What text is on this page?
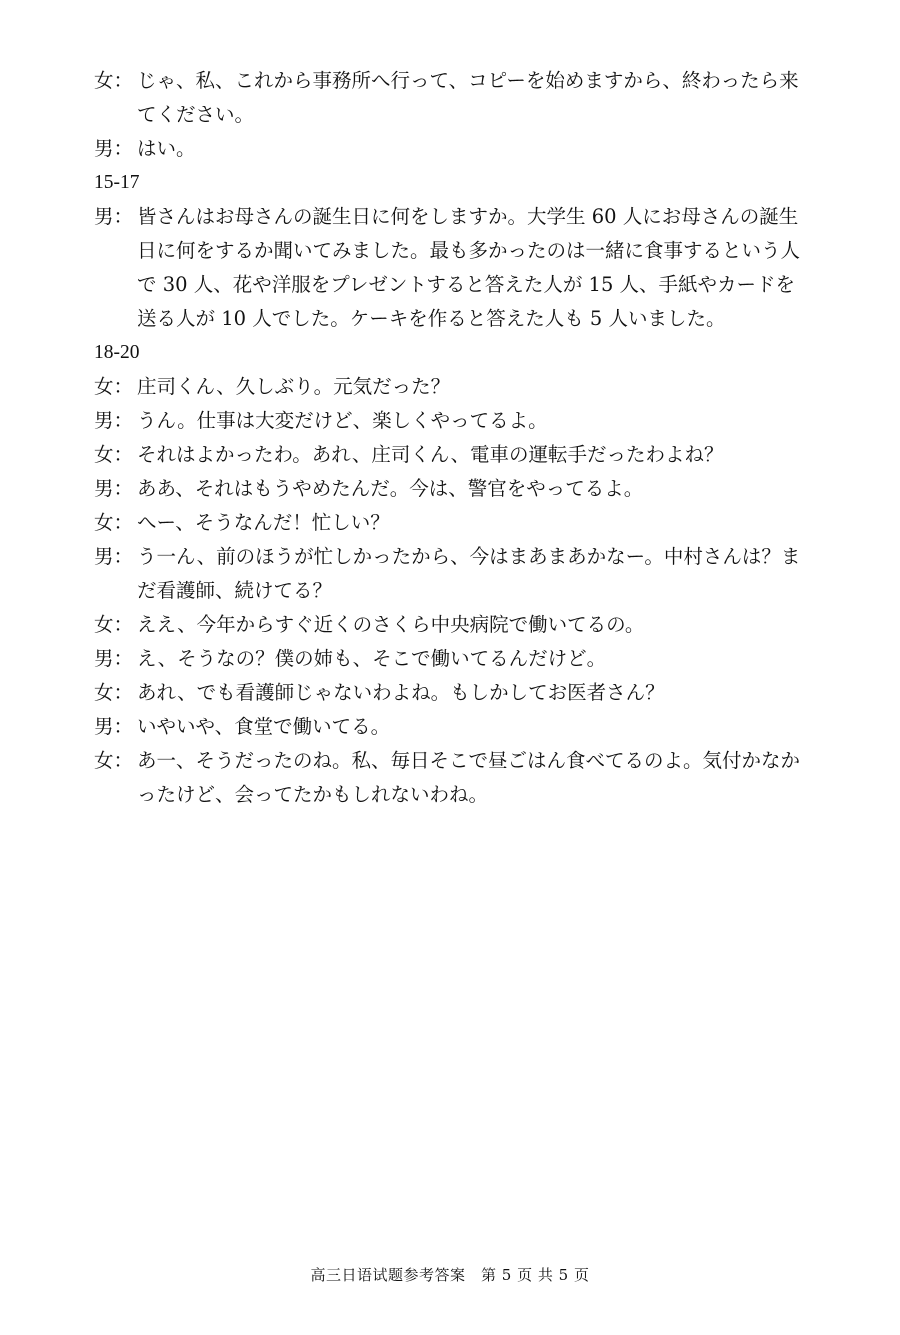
女： じゃ、私、これから事務所へ行って、コピーを始めますから、終わったら来てください。

男： はい。

15-17

男： 皆さんはお母さんの誕生日に何をしますか。大学生 60 人にお母さんの誕生日に何をするか聞いてみました。最も多かったのは一緒に食事するという人で 30 人、花や洋服をプレゼントすると答えた人が 15 人、手紙やカードを送る人が 10 人でした。ケーキを作ると答えた人も 5 人いました。

18-20

女： 庄司くん、久しぶり。元気だった？

男： うん。仕事は大変だけど、楽しくやってるよ。

女： それはよかったわ。あれ、庄司くん、電車の運転手だったわよね？

男： ああ、それはもうやめたんだ。今は、警官をやってるよ。

女： へー、そうなんだ！忙しい？

男： う一ん、前のほうが忙しかったから、今はまあまあかなー。中村さんは？まだ看護師、続けてる？

女： ええ、今年からすぐ近くのさくら中央病院で働いてるの。

男： え、そうなの？僕の姉も、そこで働いてるんだけど。

女： あれ、でも看護師じゃないわよね。もしかしてお医者さん？

男： いやいや、食堂で働いてる。

女： あ一、そうだったのね。私、毎日そこで昼ごはん食べてるのよ。気付かなかったけど、会ってたかもしれないわね。

高三日语试题参考答案　第 5 页 共 5 页
